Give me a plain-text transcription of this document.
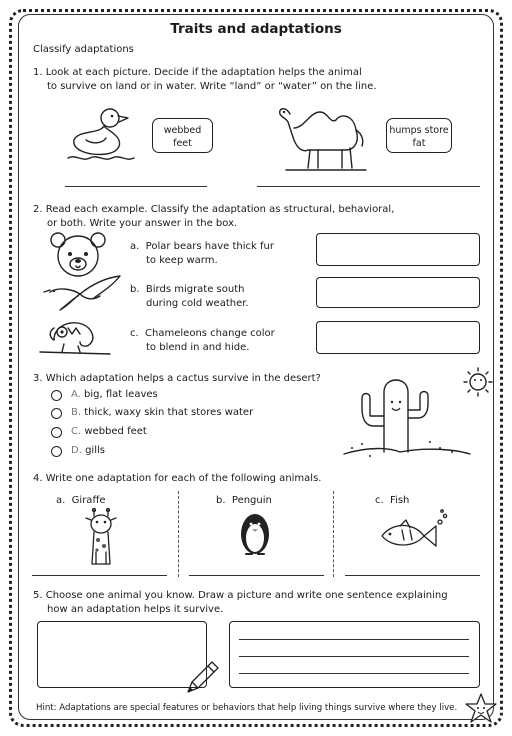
Traits and adaptations
Classify adaptations
1. Look at each picture. Decide if the adaptation helps the animal
to survive on land or in water. Write “land” or “water” on the line.
webbed
feet
humps store
fat
2. Read each example. Classify the adaptation as structural, behavioral,
or both. Write your answer in the box.
a. Polar bears have thick fur
to keep warm.
b. Birds migrate south
during cold weather.
c. Chameleons change color
to blend in and hide.
3. Which adaptation helps a cactus survive in the desert?
A. big, flat leaves
B. thick, waxy skin that stores water
C. webbed feet
D. gills
4. Write one adaptation for each of the following animals.
a. Giraffe	b. Penguin	c. Fish
5. Choose one animal you know. Draw a picture and write one sentence explaining
how an adaptation helps it survive.
Hint: Adaptations are special features or behaviors that help living things survive where they live.
